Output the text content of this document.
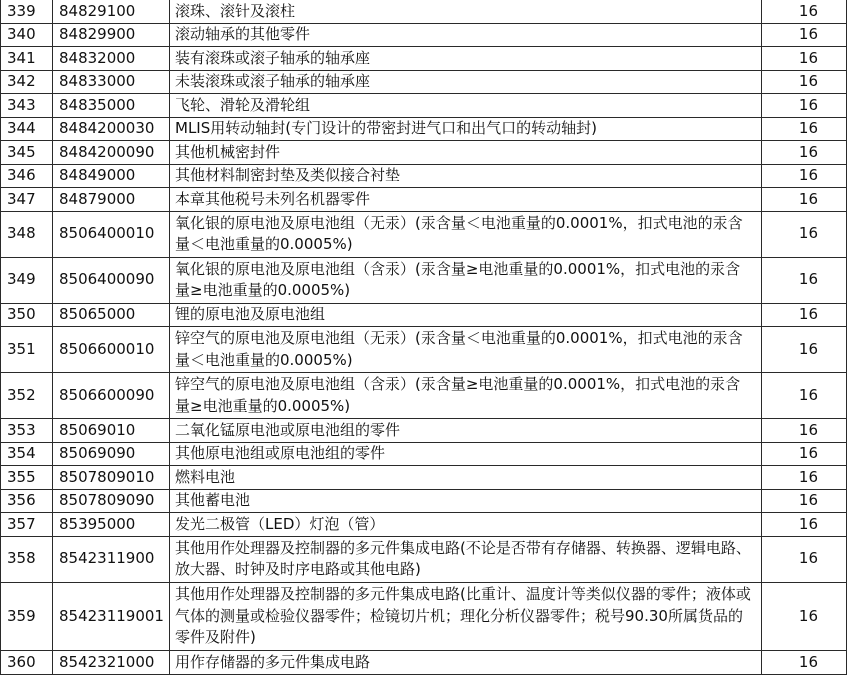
339	84829100	滚珠、滚针及滚柱	16
340	84829900	滚动轴承的其他零件	16
341	84832000	装有滚珠或滚子轴承的轴承座	16
342	84833000	未装滚珠或滚子轴承的轴承座	16
343	84835000	飞轮、滑轮及滑轮组	16
344	8484200030	MLIS用转动轴封(专门设计的带密封进气口和出气口的转动轴封)	16
345	8484200090	其他机械密封件	16
346	84849000	其他材料制密封垫及类似接合衬垫	16
347	84879000	本章其他税号未列名机器零件	16
348	8506400010	氧化银的原电池及原电池组（无汞）(汞含量＜电池重量的0.0001%，扣式电池的汞含量＜电池重量的0.0005%)	16
349	8506400090	氧化银的原电池及原电池组（含汞）(汞含量≥电池重量的0.0001%，扣式电池的汞含量≥电池重量的0.0005%)	16
350	85065000	锂的原电池及原电池组	16
351	8506600010	锌空气的原电池及原电池组（无汞）(汞含量＜电池重量的0.0001%，扣式电池的汞含量＜电池重量的0.0005%)	16
352	8506600090	锌空气的原电池及原电池组（含汞）(汞含量≥电池重量的0.0001%，扣式电池的汞含量≥电池重量的0.0005%)	16
353	85069010	二氧化锰原电池或原电池组的零件	16
354	85069090	其他原电池组或原电池组的零件	16
355	8507809010	燃料电池	16
356	8507809090	其他蓄电池	16
357	85395000	发光二极管（LED）灯泡（管）	16
358	8542311900	其他用作处理器及控制器的多元件集成电路(不论是否带有存储器、转换器、逻辑电路、放大器、时钟及时序电路或其他电路)	16
359	85423119001	其他用作处理器及控制器的多元件集成电路(比重计、温度计等类似仪器的零件；液体或气体的测量或检验仪器零件；检镜切片机；理化分析仪器零件；税号90.30所属货品的零件及附件)	16
360	8542321000	用作存储器的多元件集成电路	16
